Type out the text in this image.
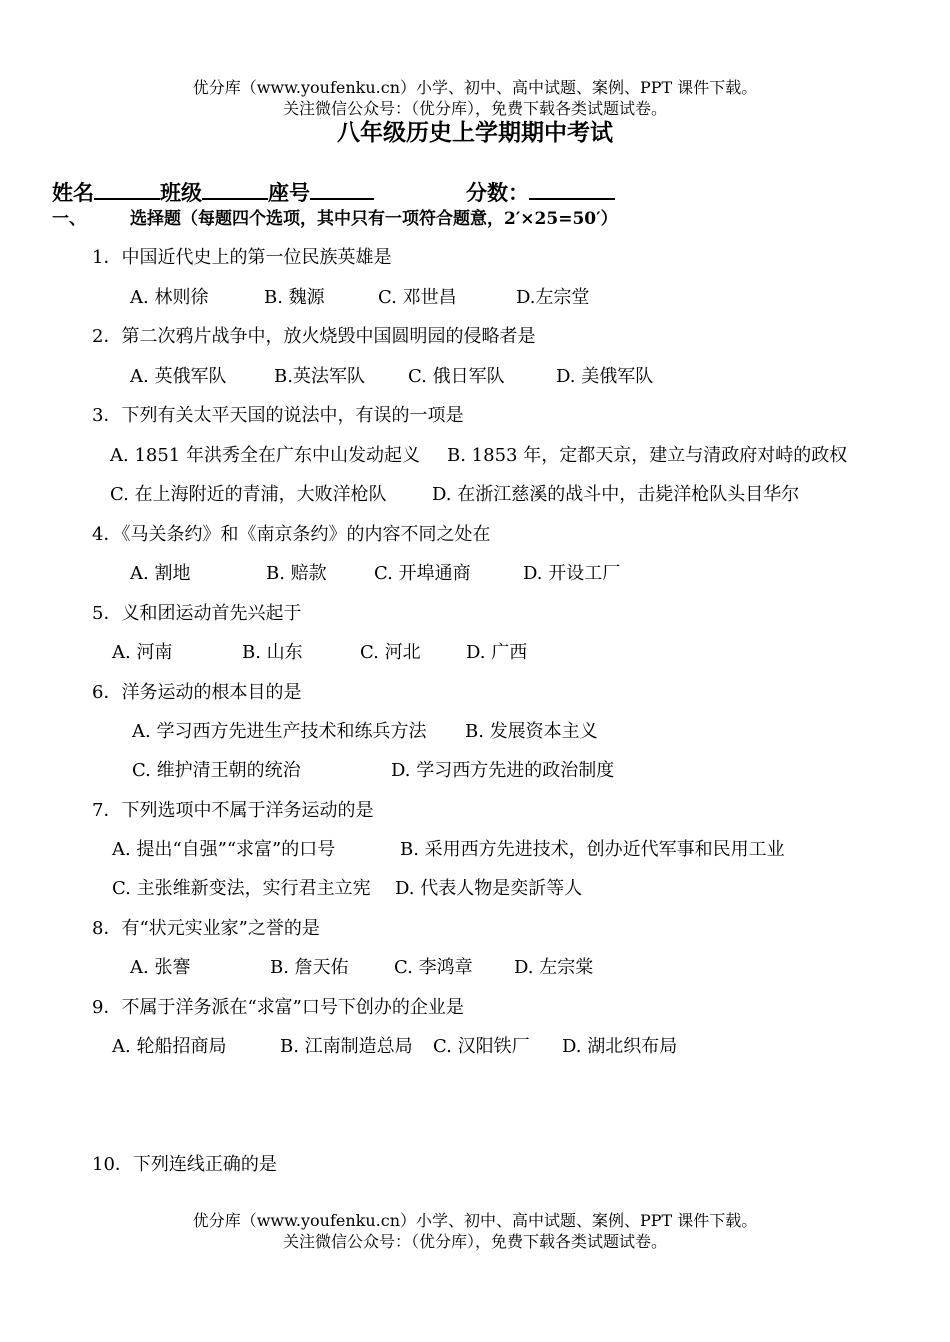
优分库（www.youfenku.cn）小学、初中、高中试题、案例、PPT 课件下载。
关注微信公众号：（优分库），免费下载各类试题试卷。
八年级历史上学期期中考试
姓名	班级	座号	分数：
一、	选择题（每题四个选项，其中只有一项符合题意，2′×25=50′）
1．中国近代史上的第一位民族英雄是
A. 林则徐	B. 魏源	C. 邓世昌	D.左宗堂
2．第二次鸦片战争中，放火烧毁中国圆明园的侵略者是
A. 英俄军队	B.英法军队 C. 俄日军队	D. 美俄军队
3．下列有关太平天国的说法中，有误的一项是
A. 1851 年洪秀全在广东中山发动起义 B. 1853 年，定都天京，建立与清政府对峙的政权
C. 在上海附近的青浦，大败洋枪队	D. 在浙江慈溪的战斗中，击毙洋枪队头目华尔
4．《马关条约》和《南京条约》的内容不同之处在
A. 割地	B. 赔款	C. 开埠通商	D. 开设工厂
5．义和团运动首先兴起于
A. 河南	B. 山东	C. 河北	D. 广西
6．洋务运动的根本目的是
A. 学习西方先进生产技术和练兵方法 B. 发展资本主义
C. 维护清王朝的统治	D. 学习西方先进的政治制度
7．下列选项中不属于洋务运动的是
A. 提出“自强”“求富”的口号	B. 采用西方先进技术，创办近代军事和民用工业
C. 主张维新变法，实行君主立宪 D. 代表人物是奕訢等人
8．有“状元实业家”之誉的是
A. 张謇	B. 詹天佑	C. 李鸿章 D. 左宗棠
9．不属于洋务派在“求富”口号下创办的企业是
A. 轮船招商局	B. 江南制造总局 C. 汉阳铁厂 D. 湖北织布局
10．下列连线正确的是
优分库（www.youfenku.cn）小学、初中、高中试题、案例、PPT 课件下载。
关注微信公众号：（优分库），免费下载各类试题试卷。
